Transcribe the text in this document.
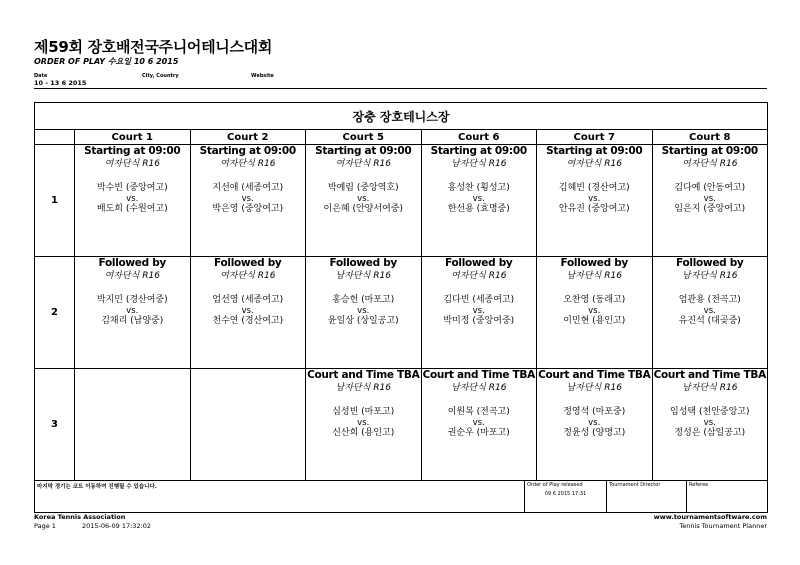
제59회 장호배전국주니어테니스대회
ORDER OF PLAY 수요일 10 6 2015
Date	City, Country	Website
10 - 13 6 2015
장충 장호테니스장						
	Court 1	Court 2	Court 5	Court 6	Court 7	Court 8
1	Starting at 09:00
여자단식 R16
박수빈 (중앙여고)
vs.
배도희 (수원여고)	Starting at 09:00
여자단식 R16
지선애 (세종여고)
vs.
박은영 (중앙여고)	Starting at 09:00
여자단식 R16
박예림 (중앙역호)
vs.
이은혜 (안양서여중)	Starting at 09:00
남자단식 R16
홍성찬 (횡성고)
vs.
한선용 (효명중)	Starting at 09:00
여자단식 R16
김혜빈 (경산여고)
vs.
안유진 (중앙여고)	Starting at 09:00
여자단식 R16
김다예 (안동여고)
vs.
임은지 (중앙여고)

2	Followed by
여자단식 R16
박지민 (경산여중)
vs.
김채리 (남양중)	Followed by
여자단식 R16
엄선영 (세종여고)
vs.
천수연 (경산여고)	Followed by
남자단식 R16
홍승헌 (마포고)
vs.
윤일상 (상일공고)	Followed by
여자단식 R16
김다빈 (세종여고)
vs.
박미정 (중앙여중)	Followed by
남자단식 R16
오찬영 (동래고)
vs.
이민현 (용인고)	Followed by
남자단식 R16
엄관용 (전곡고)
vs.
유진석 (대곶중)

3			Court and Time TBA
남자단식 R16
심성빈 (마포고)
vs.
신산희 (용인고)	Court and Time TBA
남자단식 R16
이원복 (전곡고)
vs.
권순우 (마포고)	Court and Time TBA
남자단식 R16
정영석 (마포중)
vs.
정윤성 (양명고)	Court and Time TBA
남자단식 R16
임성택 (천안중앙고)
vs.
정성은 (삼일공고)
마지막 경기는 코트 이동하여 진행될 수 있습니다.	Order of Play released
09 6 2015 17:31
	Tournament Director	Referee
Korea Tennis Association
Page 1	2015-06-09 17:32:02
www.tournamentsoftware.com
Tennis Tournament Planner
